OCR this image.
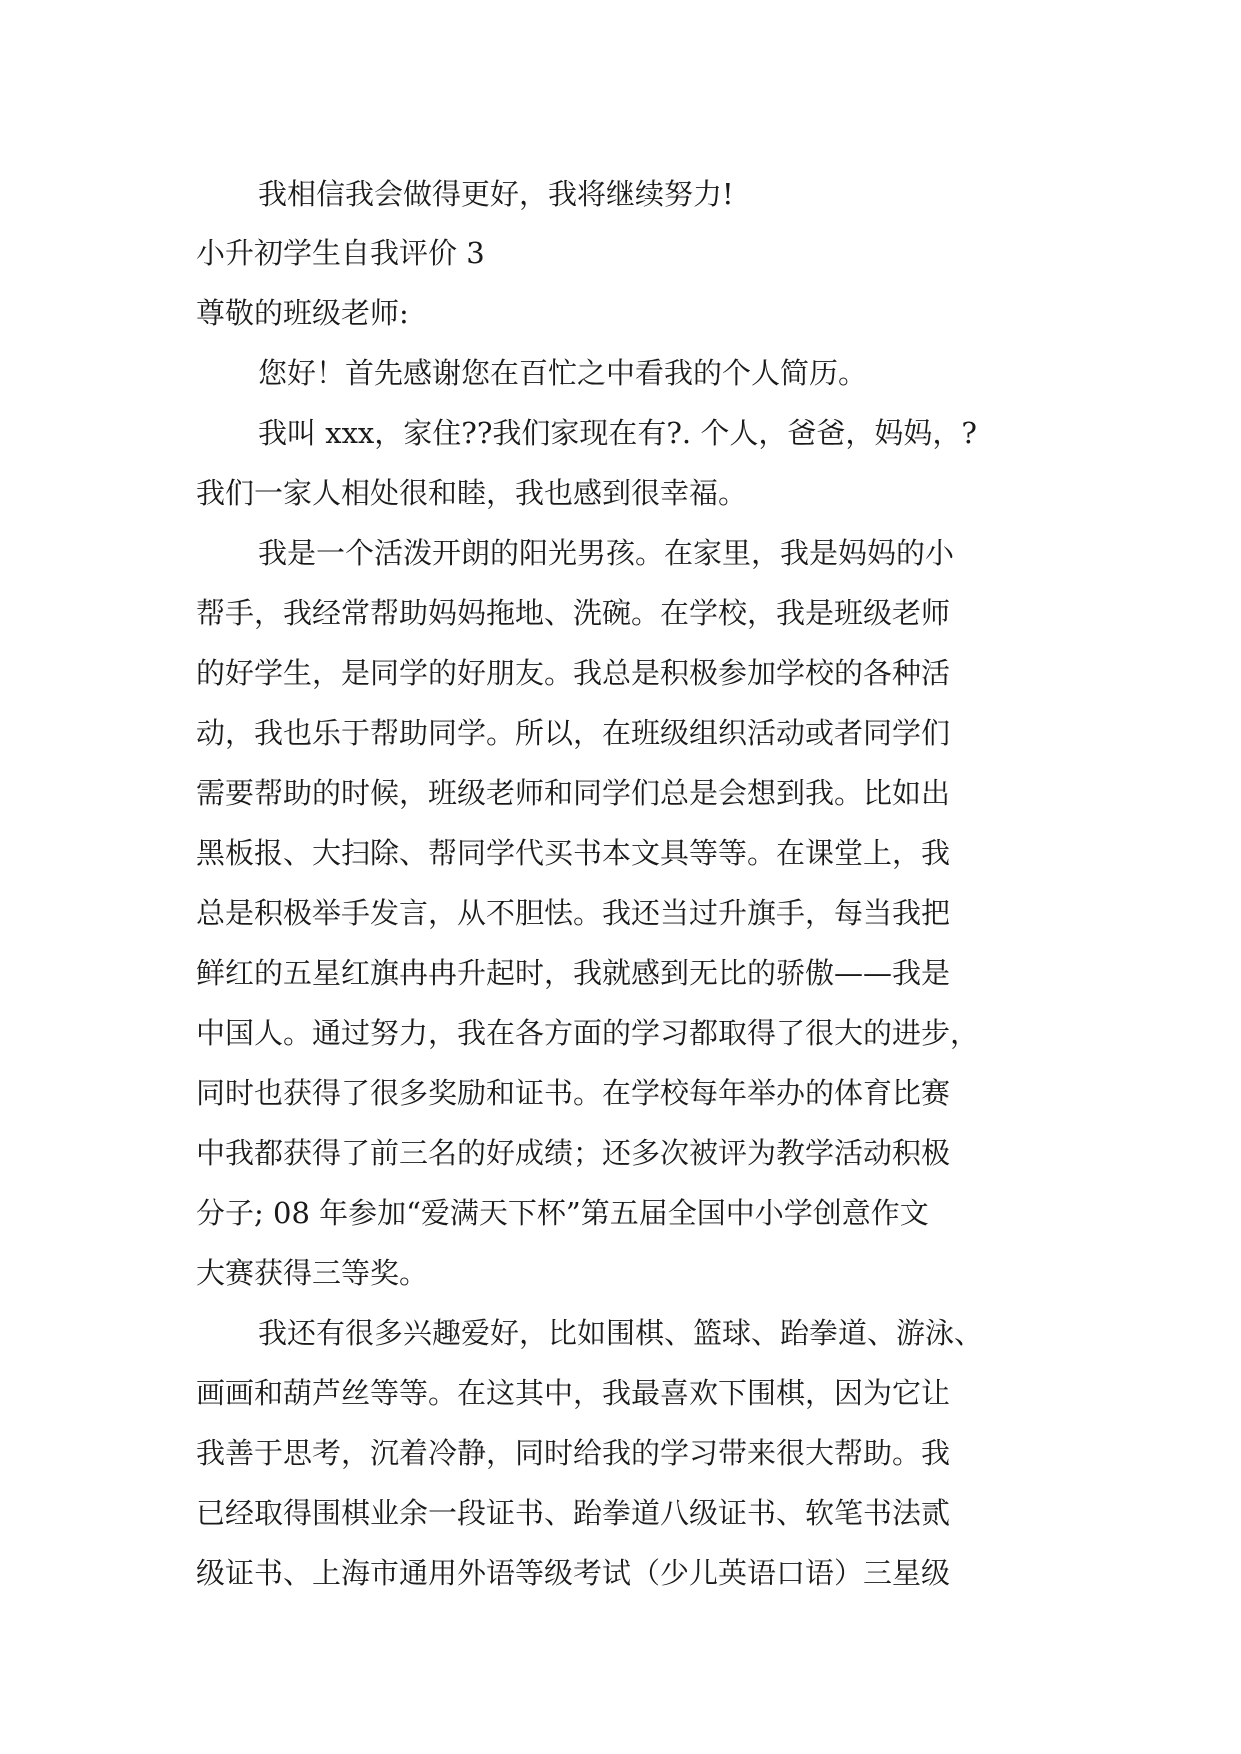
我相信我会做得更好，我将继续努力!
小升初学生自我评价 3
尊敬的班级老师:
您好！首先感谢您在百忙之中看我的个人简历。
我叫 xxx，家住??我们家现在有?. 个人，爸爸，妈妈，?
我们一家人相处很和睦，我也感到很幸福。
我是一个活泼开朗的阳光男孩。在家里，我是妈妈的小
帮手，我经常帮助妈妈拖地、洗碗。在学校，我是班级老师
的好学生，是同学的好朋友。我总是积极参加学校的各种活
动，我也乐于帮助同学。所以，在班级组织活动或者同学们
需要帮助的时候，班级老师和同学们总是会想到我。比如出
黑板报、大扫除、帮同学代买书本文具等等。在课堂上，我
总是积极举手发言，从不胆怯。我还当过升旗手，每当我把
鲜红的五星红旗冉冉升起时，我就感到无比的骄傲——我是
中国人。通过努力，我在各方面的学习都取得了很大的进步，
同时也获得了很多奖励和证书。在学校每年举办的体育比赛
中我都获得了前三名的好成绩；还多次被评为教学活动积极
分子; 08 年参加“爱满天下杯”第五届全国中小学创意作文
大赛获得三等奖。
我还有很多兴趣爱好，比如围棋、篮球、跆拳道、游泳、
画画和葫芦丝等等。在这其中，我最喜欢下围棋，因为它让
我善于思考，沉着冷静，同时给我的学习带来很大帮助。我
已经取得围棋业余一段证书、跆拳道八级证书、软笔书法贰
级证书、上海市通用外语等级考试（少儿英语口语）三星级
